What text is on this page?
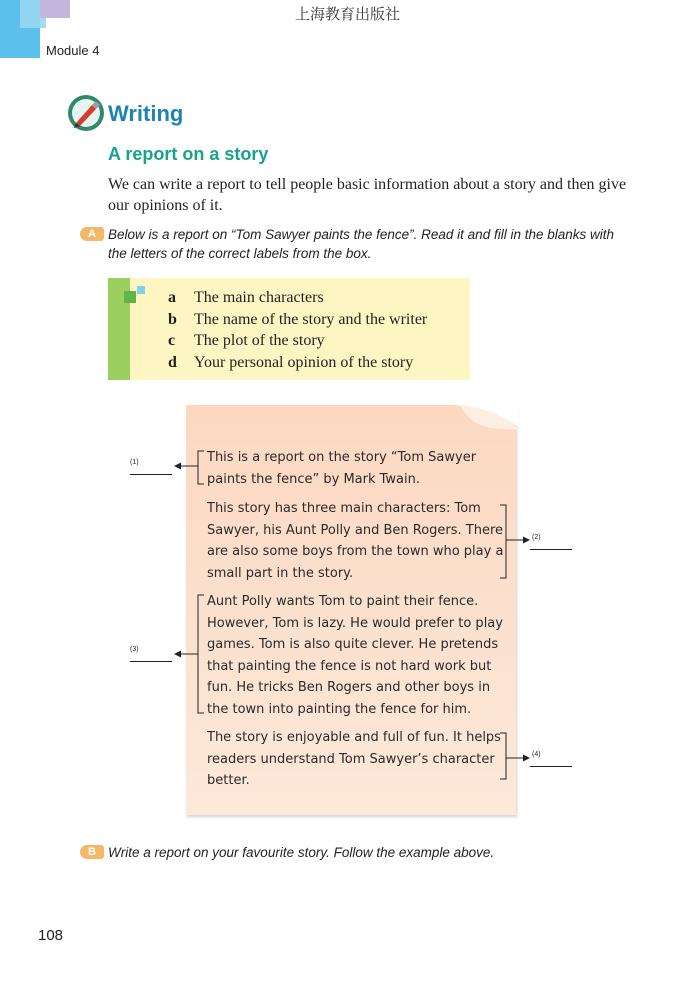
上海教育出版社
Module 4
Writing
A report on a story
We can write a report to tell people basic information about a story and then give our opinions of it.
A Below is a report on “Tom Sawyer paints the fence”. Read it and fill in the blanks with the letters of the correct labels from the box.
a	The main characters
b	The name of the story and the writer
c	The plot of the story
d	Your personal opinion of the story
This is a report on the story “Tom Sawyer paints the fence” by Mark Twain.
This story has three main characters: Tom Sawyer, his Aunt Polly and Ben Rogers. There are also some boys from the town who play a small part in the story.
Aunt Polly wants Tom to paint their fence. However, Tom is lazy. He would prefer to play games. Tom is also quite clever. He pretends that painting the fence is not hard work but fun. He tricks Ben Rogers and other boys in the town into painting the fence for him.
The story is enjoyable and full of fun. It helps readers understand Tom Sawyer’s character better.
(1)
(2)
(3)
(4)
B Write a report on your favourite story. Follow the example above.
108
